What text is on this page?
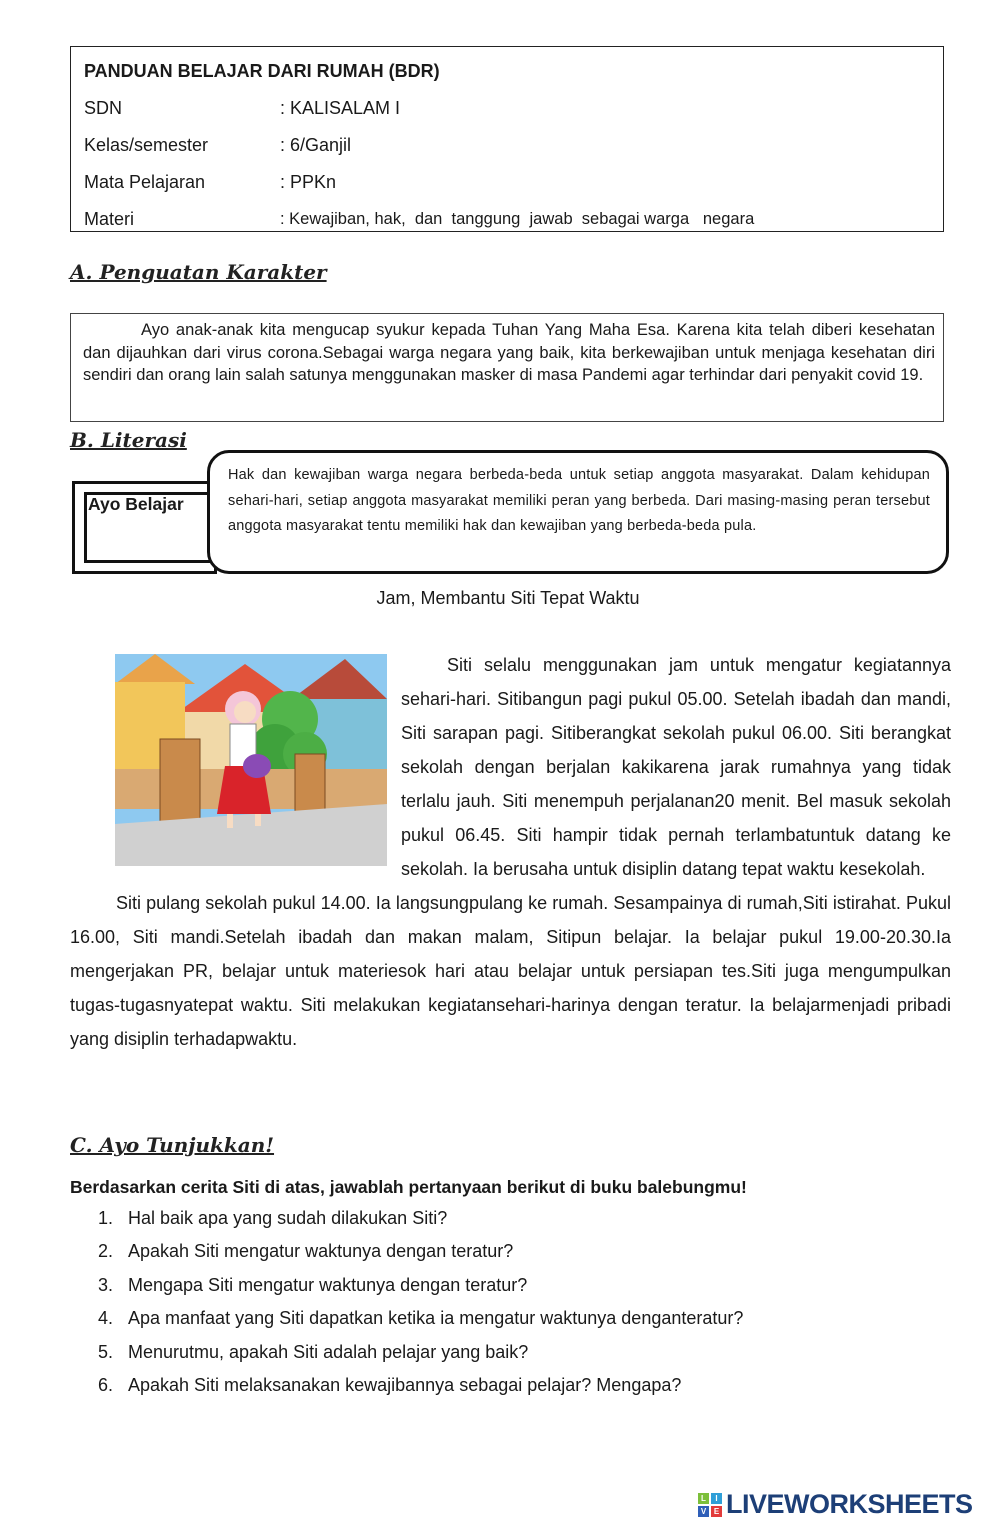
PANDUAN BELAJAR DARI RUMAH (BDR)
SDN	: KALISALAM I
Kelas/semester	: 6/Ganjil
Mata Pelajaran	: PPKn
Materi	: Kewajiban, hak,  dan  tanggung  jawab  sebagai warga   negara
A. Penguatan Karakter
Ayo anak-anak kita mengucap syukur kepada Tuhan Yang Maha Esa. Karena kita telah diberi kesehatan dan dijauhkan dari virus corona.Sebagai warga negara yang baik, kita berkewajiban untuk menjaga kesehatan diri sendiri dan orang lain salah satunya menggunakan masker di masa Pandemi agar terhindar dari penyakit covid 19.
B. Literasi
Ayo Belajar
Hak dan kewajiban warga negara berbeda-beda untuk setiap anggota masyarakat. Dalam kehidupan sehari-hari, setiap anggota masyarakat memiliki peran yang berbeda. Dari masing-masing peran tersebut anggota masyarakat tentu memiliki hak dan kewajiban yang berbeda-beda pula.
Jam, Membantu Siti Tepat Waktu

Siti selalu menggunakan jam untuk mengatur kegiatannya sehari-hari. Sitibangun pagi pukul 05.00. Setelah ibadah dan mandi, Siti sarapan pagi. Sitiberangkat sekolah pukul 06.00. Siti berangkat sekolah dengan berjalan kakikarena jarak rumahnya yang tidak terlalu jauh. Siti menempuh perjalanan20 menit. Bel masuk sekolah pukul 06.45. Siti hampir tidak pernah terlambatuntuk datang ke sekolah. Ia berusaha untuk disiplin datang tepat waktu kesekolah.

Siti pulang sekolah pukul 14.00. Ia langsungpulang ke rumah. Sesampainya di rumah,Siti istirahat. Pukul 16.00, Siti mandi.Setelah ibadah dan makan malam, Sitipun belajar. Ia belajar pukul 19.00-20.30.Ia mengerjakan PR, belajar untuk materiesok hari atau belajar untuk persiapan tes.Siti juga mengumpulkan tugas-tugasnyatepat waktu. Siti melakukan kegiatansehari-harinya dengan teratur. Ia belajarmenjadi pribadi yang disiplin terhadapwaktu.

C. Ayo Tunjukkan!
Berdasarkan cerita Siti di atas, jawablah pertanyaan berikut di buku balebungmu!
1. Hal baik apa yang sudah dilakukan Siti?
2. Apakah Siti mengatur waktunya dengan teratur?
3. Mengapa Siti mengatur waktunya dengan teratur?
4. Apa manfaat yang Siti dapatkan ketika ia mengatur waktunya denganteratur?
5. Menurutmu, apakah Siti adalah pelajar yang baik?
6. Apakah Siti melaksanakan kewajibannya sebagai pelajar? Mengapa?
L	I
V E LIVEWORKSHEETS
